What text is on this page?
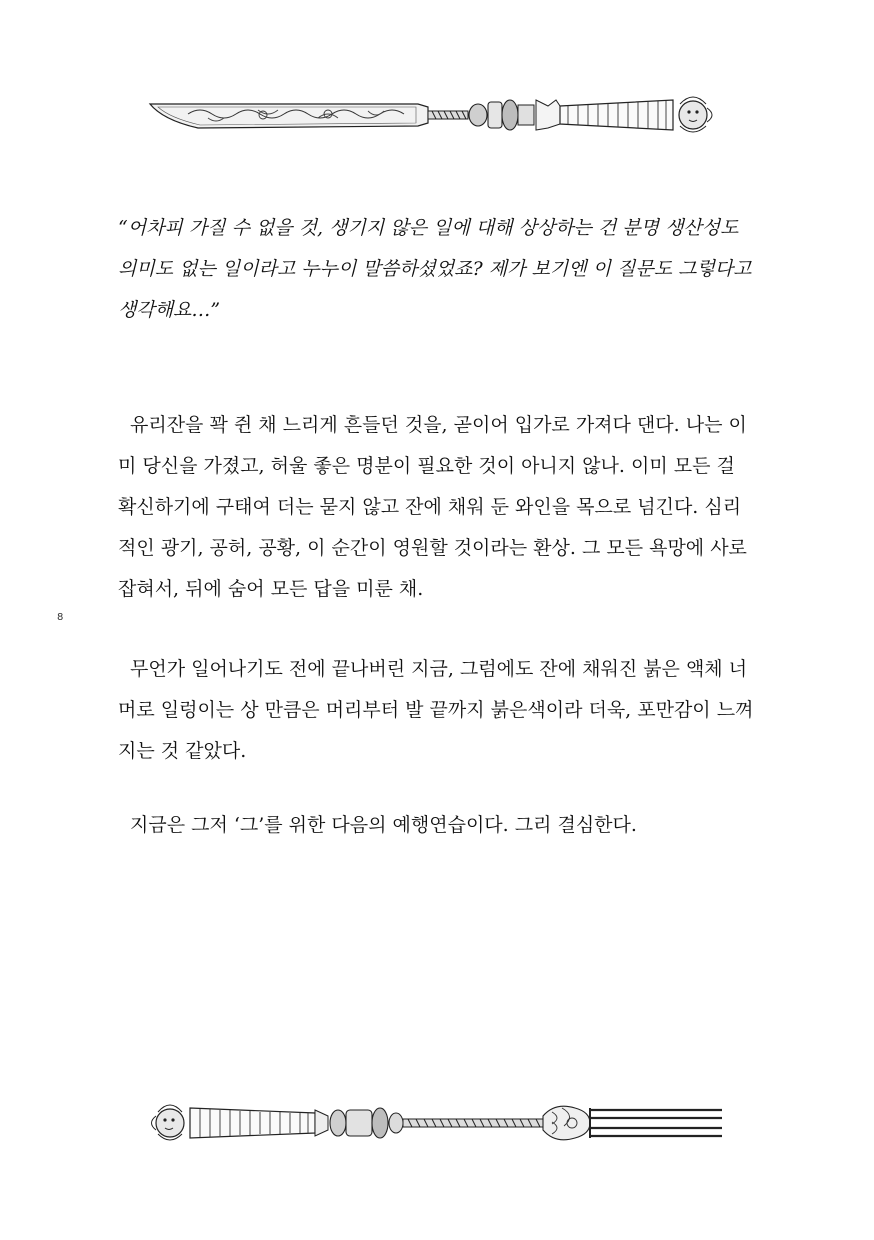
“어차피 가질 수 없을 것, 생기지 않은 일에 대해 상상하는 건 분명 생산성도 의미도 없는 일이라고 누누이 말씀하셨었죠? 제가 보기엔 이 질문도 그렇다고 생각해요…”

유리잔을 꽉 쥔 채 느리게 흔들던 것을, 곧이어 입가로 가져다 댄다. 나는 이미 당신을 가졌고, 허울 좋은 명분이 필요한 것이 아니지 않나. 이미 모든 걸 확신하기에 구태여 더는 묻지 않고 잔에 채워 둔 와인을 목으로 넘긴다. 심리적인 광기, 공허, 공황, 이 순간이 영원할 것이라는 환상. 그 모든 욕망에 사로잡혀서, 뒤에 숨어 모든 답을 미룬 채.

8

무언가 일어나기도 전에 끝나버린 지금, 그럼에도 잔에 채워진 붉은 액체 너머로 일렁이는 상 만큼은 머리부터 발 끝까지 붉은색이라 더욱, 포만감이 느껴지는 것 같았다.

지금은 그저 ‘그’를 위한 다음의 예행연습이다. 그리 결심한다.
